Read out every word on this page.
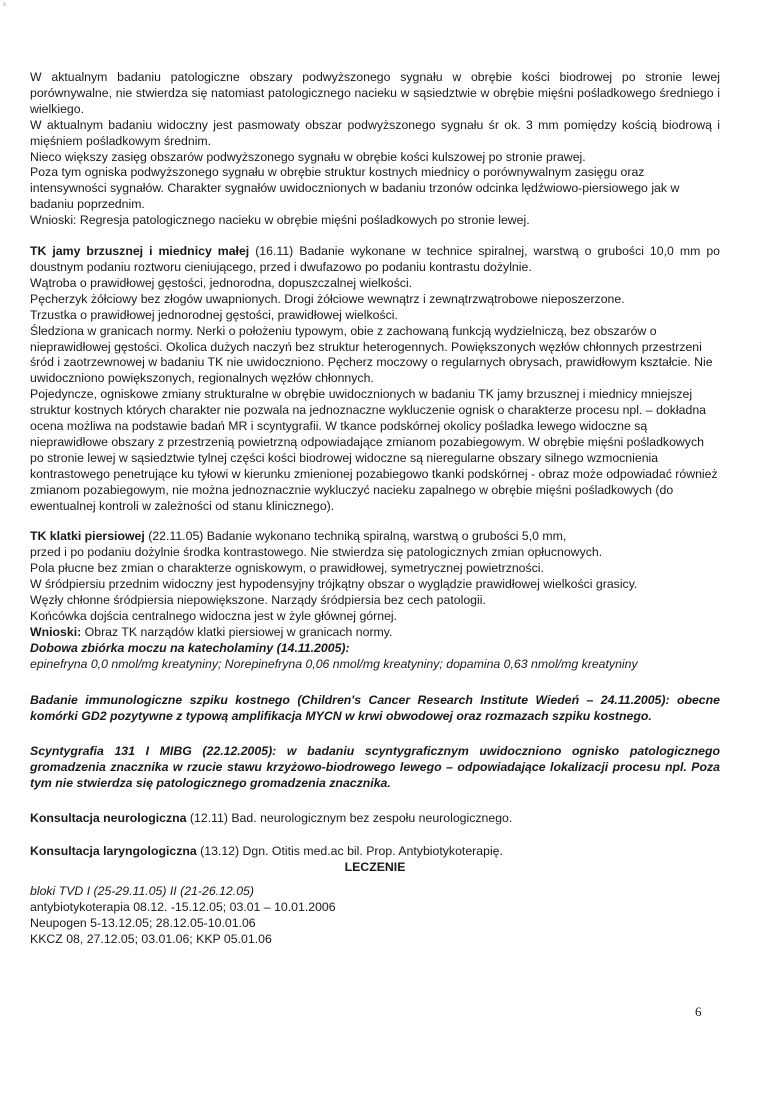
s

W aktualnym badaniu patologiczne obszary podwyższonego sygnału w obrębie kości biodrowej po stronie lewej porównywalne, nie stwierdza się natomiast patologicznego nacieku w sąsiedztwie w obrębie mięśni pośladkowego średniego i wielkiego.

W aktualnym badaniu widoczny jest pasmowaty obszar podwyższonego sygnału śr ok. 3 mm pomiędzy kością biodrową i mięśniem pośladkowym średnim.

Nieco większy zasięg obszarów podwyższonego sygnału w obrębie kości kulszowej po stronie prawej.

Poza tym ogniska podwyższonego sygnału w obrębie struktur kostnych miednicy o porównywalnym zasięgu oraz intensywności sygnałów. Charakter sygnałów uwidocznionych w badaniu trzonów odcinka lędźwiowo-piersiowego jak w badaniu poprzednim.

Wnioski: Regresja patologicznego nacieku w obrębie mięśni pośladkowych po stronie lewej.

TK jamy brzusznej i miednicy małej (16.11) Badanie wykonane w technice spiralnej, warstwą o grubości 10,0 mm po doustnym podaniu roztworu cieniującego, przed i dwufazowo po podaniu kontrastu dożylnie.

Wątroba o prawidłowej gęstości, jednorodna, dopuszczalnej wielkości.

Pęcherzyk żółciowy bez złogów uwapnionych. Drogi żółciowe wewnątrz i zewnątrzwątrobowe nieposzerzone.

Trzustka o prawidłowej jednorodnej gęstości, prawidłowej wielkości.

Śledziona w granicach normy. Nerki o położeniu typowym, obie z zachowaną funkcją wydzielniczą, bez obszarów o nieprawidłowej gęstości. Okolica dużych naczyń bez struktur heterogennych. Powiększonych węzłów chłonnych przestrzeni śród i zaotrzewnowej w badaniu TK nie uwidoczniono. Pęcherz moczowy o regularnych obrysach, prawidłowym kształcie. Nie uwidoczniono powiększonych, regionalnych węzłów chłonnych.

Pojedyncze, ogniskowe zmiany strukturalne w obrębie uwidocznionych w badaniu TK jamy brzusznej i miednicy mniejszej struktur kostnych których charakter nie pozwala na jednoznaczne wykluczenie ognisk o charakterze procesu npl. – dokładna ocena możliwa na podstawie badań MR i scyntygrafii. W tkance podskórnej okolicy pośladka lewego widoczne są nieprawidłowe obszary z przestrzenią powietrzną odpowiadające zmianom pozabiegowym. W obrębie mięśni pośladkowych po stronie lewej w sąsiedztwie tylnej części kości biodrowej widoczne są nieregularne obszary silnego wzmocnienia kontrastowego penetrujące ku tyłowi w kierunku zmienionej pozabiegowo tkanki podskórnej - obraz może odpowiadać również zmianom pozabiegowym, nie można jednoznacznie wykluczyć nacieku zapalnego w obrębie mięśni pośladkowych (do ewentualnej kontroli w zależności od stanu klinicznego).

TK klatki piersiowej (22.11.05) Badanie wykonano techniką spiralną, warstwą o grubości 5,0 mm,

przed i po podaniu dożylnie środka kontrastowego. Nie stwierdza się patologicznych zmian opłucnowych.

Pola płucne bez zmian o charakterze ogniskowym, o prawidłowej, symetrycznej powietrzności.

W śródpiersiu przednim widoczny jest hypodensyjny trójkątny obszar o wyglądzie prawidłowej wielkości grasicy.

Węzły chłonne śródpiersia niepowiększone. Narządy śródpiersia bez cech patologii.

Końcówka dojścia centralnego widoczna jest w żyle głównej górnej.

Wnioski: Obraz TK narządów klatki piersiowej w granicach normy.

Dobowa zbiórka moczu na katecholaminy (14.11.2005):

epinefryna 0,0 nmol/mg kreatyniny; Norepinefryna 0,06 nmol/mg kreatyniny; dopamina 0,63 nmol/mg kreatyniny

Badanie immunologiczne szpiku kostnego (Children's Cancer Research Institute Wiedeń – 24.11.2005): obecne komórki GD2 pozytywne z typową amplifikacja MYCN w krwi obwodowej oraz rozmazach szpiku kostnego.

Scyntygrafia 131 I MIBG (22.12.2005): w badaniu scyntygraficznym uwidoczniono ognisko patologicznego gromadzenia znacznika w rzucie stawu krzyżowo-biodrowego lewego – odpowiadające lokalizacji procesu npl. Poza tym nie stwierdza się patologicznego gromadzenia znacznika.

Konsultacja neurologiczna (12.11) Bad. neurologicznym bez zespołu neurologicznego.

Konsultacja laryngologiczna (13.12) Dgn. Otitis med.ac bil. Prop. Antybiotykoterapię.

LECZENIE

bloki TVD I (25-29.11.05) II (21-26.12.05)

antybiotykoterapia 08.12. -15.12.05; 03.01 – 10.01.2006

Neupogen 5-13.12.05; 28.12.05-10.01.06

KKCZ 08, 27.12.05; 03.01.06; KKP 05.01.06

6
